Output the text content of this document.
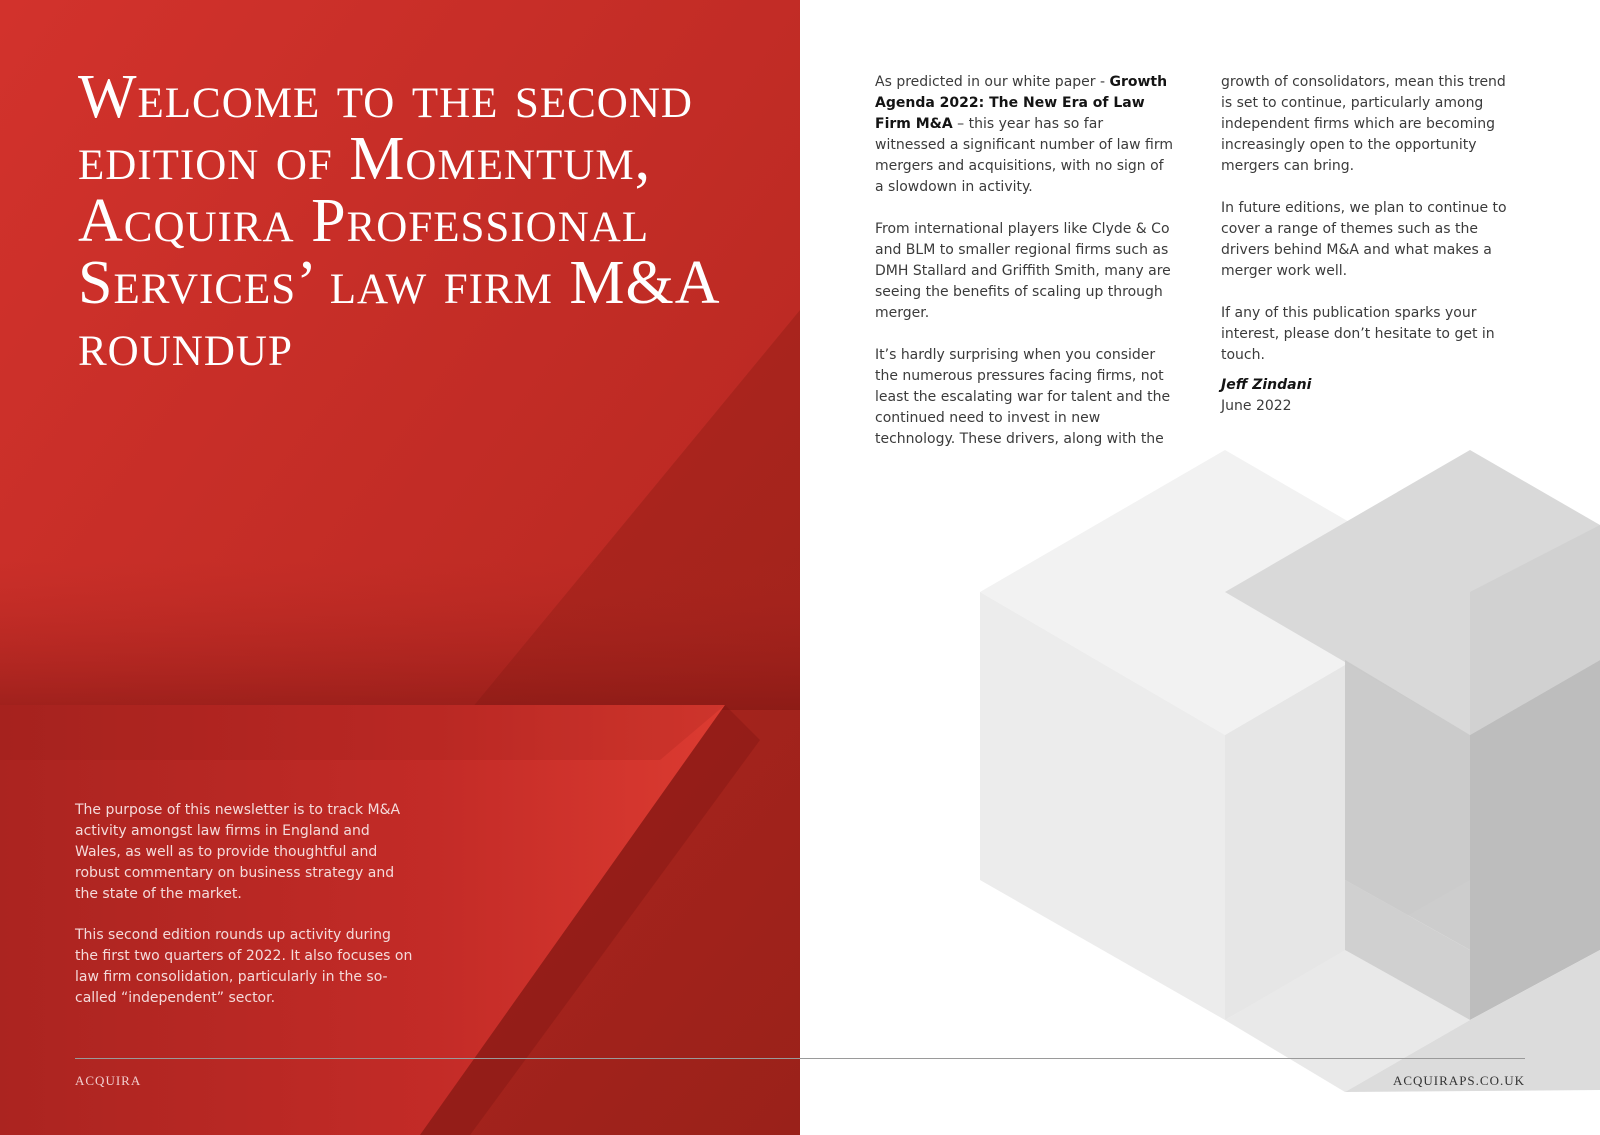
Welcome to the second edition of Momentum, Acquira Professional Services’ law firm M&A roundup

The purpose of this newsletter is to track M&A activity amongst law firms in England and Wales, as well as to provide thoughtful and robust commentary on business strategy and the state of the market.

This second edition rounds up activity during the first two quarters of 2022. It also focuses on law firm consolidation, particularly in the so-called “independent” sector.

ACQUIRA

As predicted in our white paper - Growth Agenda 2022: The New Era of Law Firm M&A – this year has so far witnessed a significant number of law firm mergers and acquisitions, with no sign of a slowdown in activity.

From international players like Clyde & Co and BLM to smaller regional firms such as DMH Stallard and Griffith Smith, many are seeing the benefits of scaling up through merger.

It’s hardly surprising when you consider the numerous pressures facing firms, not least the escalating war for talent and the continued need to invest in new technology. These drivers, along with the

growth of consolidators, mean this trend is set to continue, particularly among independent firms which are becoming increasingly open to the opportunity mergers can bring.

In future editions, we plan to continue to cover a range of themes such as the drivers behind M&A and what makes a merger work well.

If any of this publication sparks your interest, please don’t hesitate to get in touch.

Jeff Zindani
June 2022
ACQUIRAPS.CO.UK
